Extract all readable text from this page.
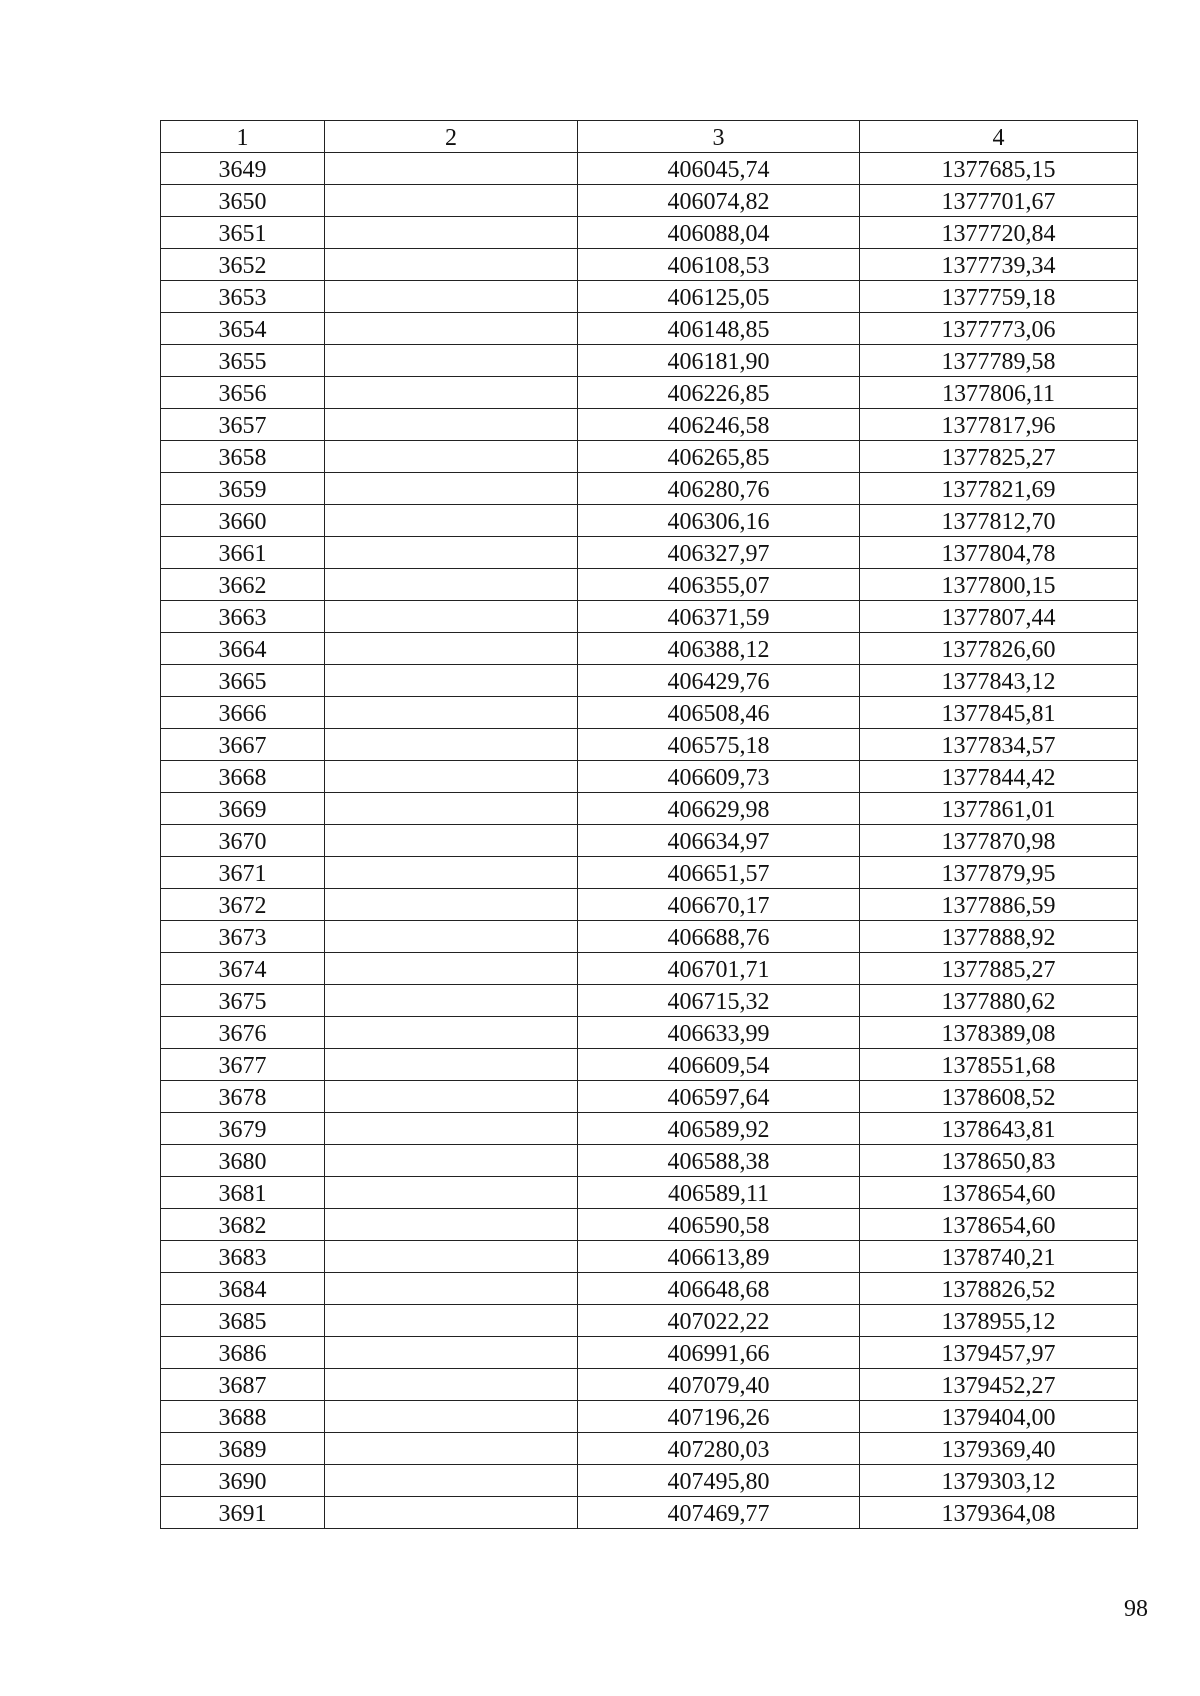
1	2	3	4
3649		406045,74	1377685,15
3650		406074,82	1377701,67
3651		406088,04	1377720,84
3652		406108,53	1377739,34
3653		406125,05	1377759,18
3654		406148,85	1377773,06
3655		406181,90	1377789,58
3656		406226,85	1377806,11
3657		406246,58	1377817,96
3658		406265,85	1377825,27
3659		406280,76	1377821,69
3660		406306,16	1377812,70
3661		406327,97	1377804,78
3662		406355,07	1377800,15
3663		406371,59	1377807,44
3664		406388,12	1377826,60
3665		406429,76	1377843,12
3666		406508,46	1377845,81
3667		406575,18	1377834,57
3668		406609,73	1377844,42
3669		406629,98	1377861,01
3670		406634,97	1377870,98
3671		406651,57	1377879,95
3672		406670,17	1377886,59
3673		406688,76	1377888,92
3674		406701,71	1377885,27
3675		406715,32	1377880,62
3676		406633,99	1378389,08
3677		406609,54	1378551,68
3678		406597,64	1378608,52
3679		406589,92	1378643,81
3680		406588,38	1378650,83
3681		406589,11	1378654,60
3682		406590,58	1378654,60
3683		406613,89	1378740,21
3684		406648,68	1378826,52
3685		407022,22	1378955,12
3686		406991,66	1379457,97
3687		407079,40	1379452,27
3688		407196,26	1379404,00
3689		407280,03	1379369,40
3690		407495,80	1379303,12
3691		407469,77	1379364,08
98
